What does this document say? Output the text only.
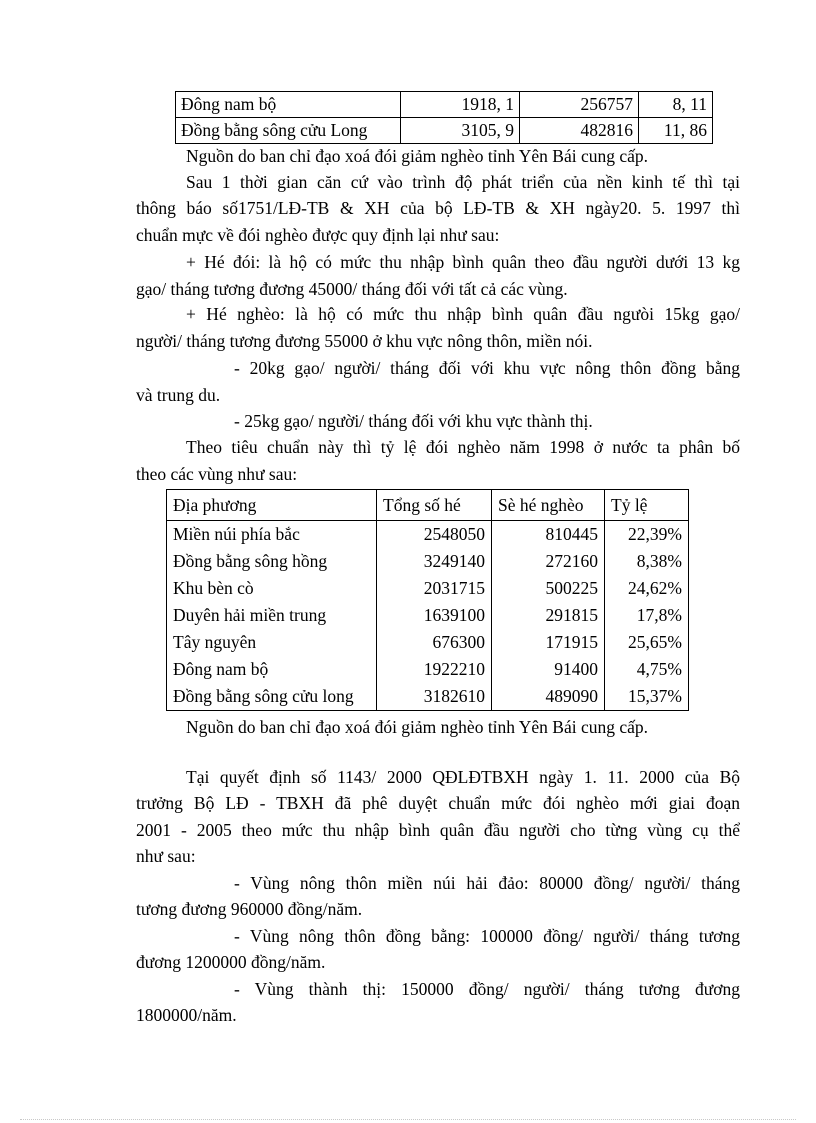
Đông nam bộ	1918, 1	256757	8, 11
Đồng bằng sông cửu Long	3105, 9	482816	11, 86
Nguồn do ban chỉ đạo xoá đói giảm nghèo tỉnh Yên Bái cung cấp.
Sau 1 thời gian căn cứ vào trình độ phát triển của nền kinh tế thì tại
thông báo số1751/LĐ-TB & XH của bộ LĐ-TB & XH ngày20. 5. 1997 thì
chuẩn mực về đói nghèo được quy định lại như sau:
+ Hé đói: là hộ có mức thu nhập bình quân theo đầu người dưới 13 kg
gạo/ tháng tương đương 45000/ tháng đối với tất cả các vùng.
+ Hé nghèo: là hộ có mức thu nhập bình quân đầu ngưòi 15kg gạo/
người/ tháng tương đương 55000 ở khu vực nông thôn, miền nói.
- 20kg gạo/ người/ tháng đối với khu vực nông thôn đồng bằng
và trung du.
- 25kg gạo/ người/ tháng đối với khu vực thành thị.
Theo tiêu chuẩn này thì tỷ lệ đói nghèo năm 1998 ở nước ta phân bố
theo các vùng như sau:
Địa phương	Tổng số hé	Sè hé nghèo	Tỷ lệ
Miền núi phía bắc	2548050	810445	22,39%
Đồng bằng sông hồng	3249140	272160	8,38%
Khu bèn cò	2031715	500225	24,62%
Duyên hải miền trung	1639100	291815	17,8%
Tây nguyên	676300	171915	25,65%
Đông nam bộ	1922210	91400	4,75%
Đồng bằng sông cửu long	3182610	489090	15,37%
Nguồn do ban chỉ đạo xoá đói giảm nghèo tỉnh Yên Bái cung cấp.
Tại quyết định số 1143/ 2000 QĐLĐTBXH ngày 1. 11. 2000 của Bộ
trưởng Bộ LĐ - TBXH đã phê duyệt chuẩn mức đói nghèo mới giai đoạn
2001 - 2005 theo mức thu nhập bình quân đầu người cho từng vùng cụ thể
như sau:
- Vùng nông thôn miền núi hải đảo: 80000 đồng/ người/ tháng
tương đương 960000 đồng/năm.
- Vùng nông thôn đồng bằng: 100000 đồng/ người/ tháng tương
đương 1200000 đồng/năm.
- Vùng thành thị: 150000 đồng/ người/ tháng tương đương
1800000/năm.
